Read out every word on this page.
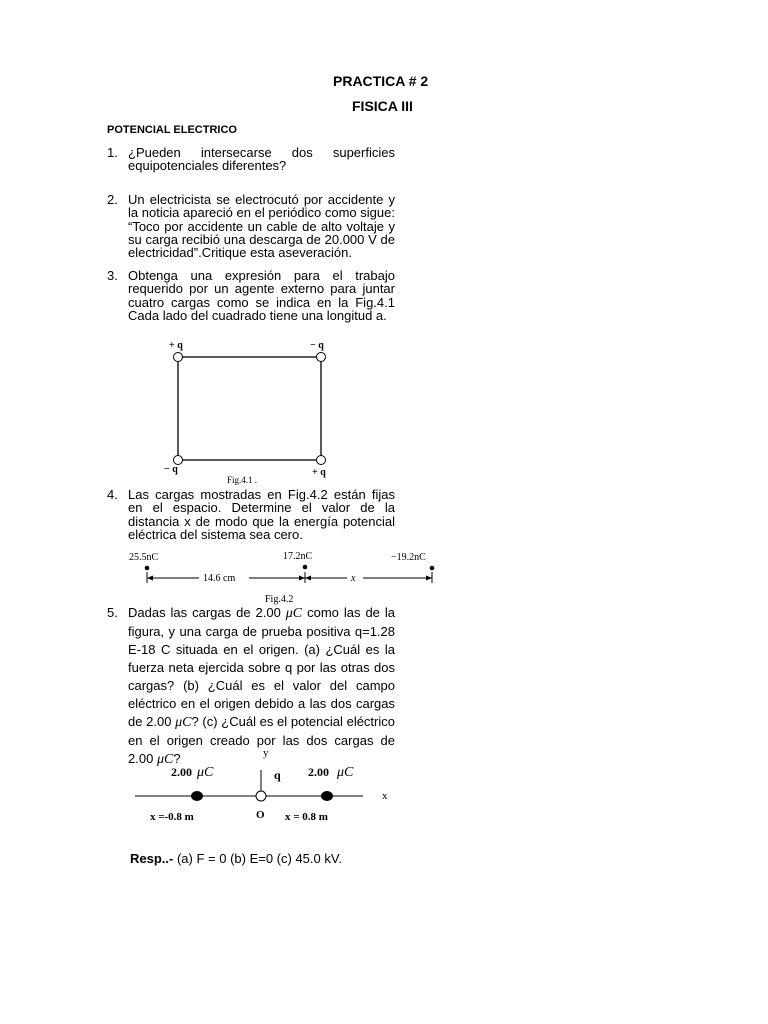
PRACTICA # 2
FISICA III
POTENCIAL ELECTRICO
1. ¿Pueden intersecarse dos superficies equipotenciales diferentes?
2. Un electricista se electrocutó por accidente y la noticia apareció en el periódico como sigue: “Toco por accidente un cable de alto voltaje y su carga recibió una descarga de 20.000 V de electricidad”.Critique esta aseveración.
3. Obtenga una expresión para el trabajo requerido por un agente externo para juntar cuatro cargas como se indica en la Fig.4.1 Cada lado del cuadrado tiene una longitud a.
+ q	− q
− q	+ q
Fig.4.1 .
4. Las cargas mostradas en Fig.4.2 están fijas en el espacio. Determine el valor de la distancia x de modo que la energía potencial eléctrica del sistema sea cero.
25.5nC	17.2nC	−19.2nC
14.6 cm	x
Fig.4.2
5. Dadas las cargas de 2.00 μC como las de la figura, y una carga de prueba positiva q=1.28 E-18 C situada en el origen. (a) ¿Cuál es la fuerza neta ejercida sobre q por las otras dos cargas? (b) ¿Cuál es el valor del campo eléctrico en el origen debido a las dos cargas de 2.00 μC? (c) ¿Cuál es el potencial eléctrico en el origen creado por las dos cargas de 2.00 μC?	y
q
2.00 μC	2.00 μC
x
O
x =-0.8 m	x = 0.8 m
Resp..- (a) F = 0 (b) E=0 (c) 45.0 kV.
